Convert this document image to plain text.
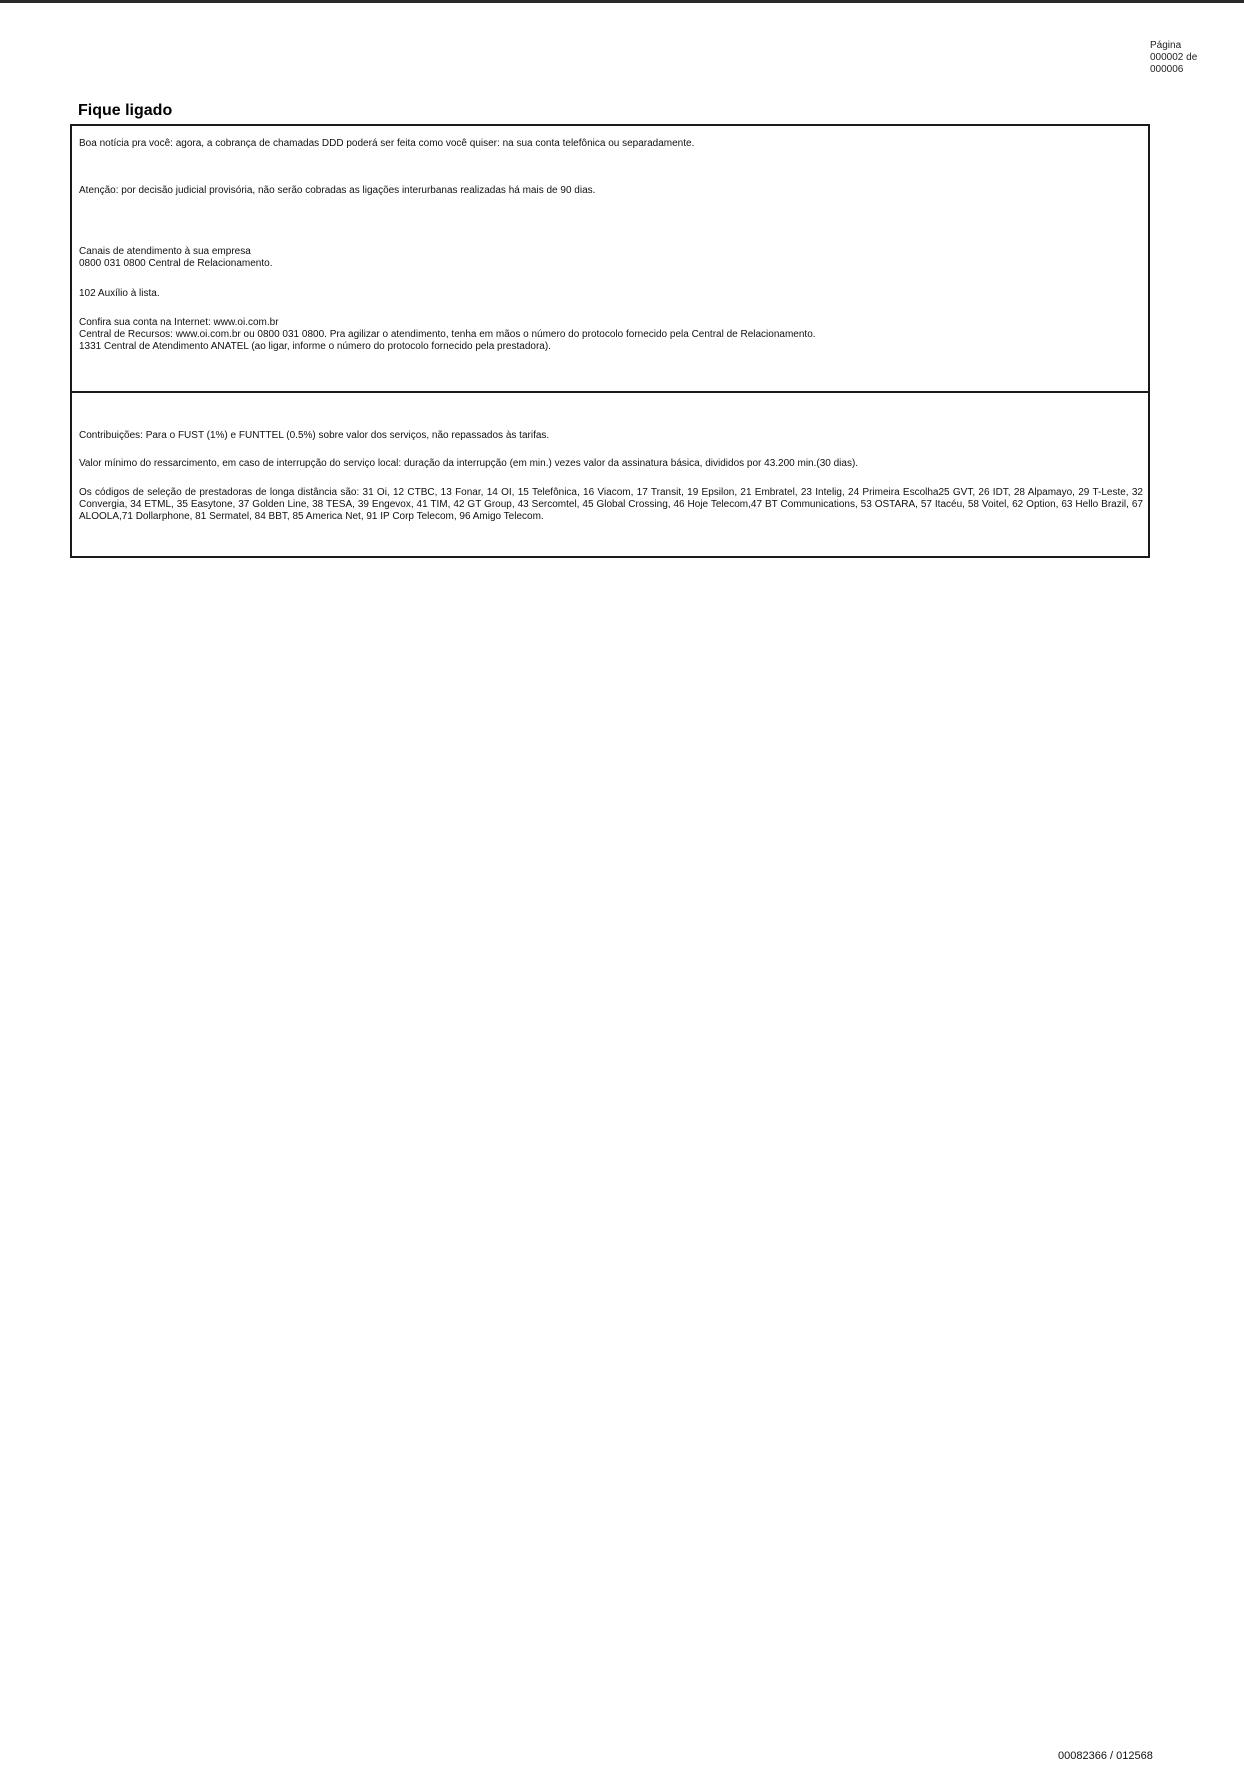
Página
000002 de
000006
Fique ligado
Boa notícia pra você: agora, a cobrança de chamadas DDD poderá ser feita como você quiser: na sua conta telefônica ou separadamente.
Atenção: por decisão judicial provisória, não serão cobradas as ligações interurbanas realizadas há mais de 90 dias.
Canais de atendimento à sua empresa
0800 031 0800 Central de Relacionamento.
102 Auxílio à lista.
Confira sua conta na Internet: www.oi.com.br
Central de Recursos: www.oi.com.br ou 0800 031 0800. Pra agilizar o atendimento, tenha em mãos o número do protocolo fornecido pela Central de Relacionamento.
1331 Central de Atendimento ANATEL (ao ligar, informe o número do protocolo fornecido pela prestadora).
Contribuições: Para o FUST (1%) e FUNTTEL (0.5%) sobre valor dos serviços, não repassados às tarifas.
Valor mínimo do ressarcimento, em caso de interrupção do serviço local: duração da interrupção (em min.) vezes valor da assinatura básica, divididos por 43.200 min.(30 dias).
Os códigos de seleção de prestadoras de longa distância são: 31 Oi, 12 CTBC, 13 Fonar, 14 OI, 15 Telefônica, 16 Viacom, 17 Transit, 19 Epsilon, 21 Embratel, 23 Intelig, 24 Primeira Escolha25 GVT, 26 IDT, 28 Alpamayo, 29 T-Leste, 32 Convergia, 34 ETML, 35 Easytone, 37 Golden Line, 38 TESA, 39 Engevox, 41 TIM, 42 GT Group, 43 Sercomtel, 45 Global Crossing, 46 Hoje Telecom,47 BT Communications, 53 OSTARA, 57 Itacéu, 58 Voitel, 62 Option, 63 Hello Brazil, 67 ALOOLA,71 Dollarphone, 81 Sermatel, 84 BBT, 85 America Net, 91 IP Corp Telecom, 96 Amigo Telecom.
00082366 / 012568
